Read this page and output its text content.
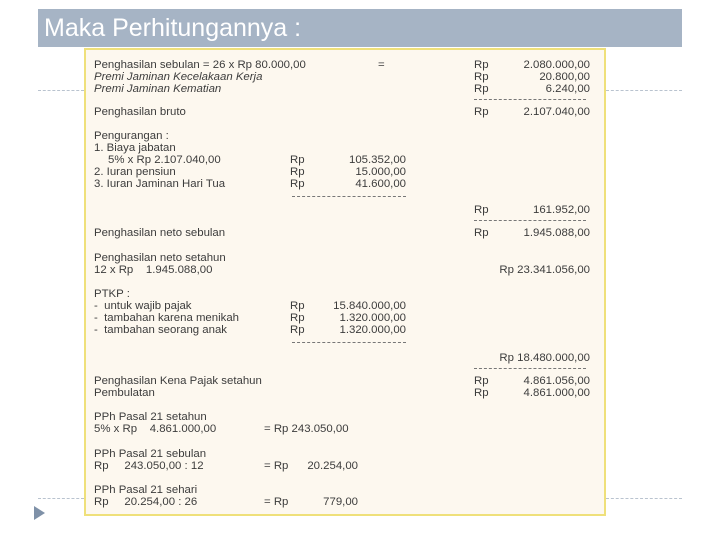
Maka Perhitungannya :
Penghasilan sebulan = 26 x Rp 80.000,00	=	Rp	2.080.000,00
Premi Jaminan Kecelakaan Kerja	Rp	20.800,00
Premi Jaminan Kematian	Rp	6.240,00
Penghasilan bruto	Rp	2.107.040,00
Pengurangan :
1. Biaya jabatan
5% x Rp 2.107.040,00	Rp	105.352,00
2. Iuran pensiun	Rp	15.000,00
3. Iuran Jaminan Hari Tua	Rp	41.600,00
Rp	161.952,00
Penghasilan neto sebulan	Rp	1.945.088,00
Penghasilan neto setahun
12 x Rp    1.945.088,00	Rp 23.341.056,00
PTKP :
-  untuk wajib pajak	Rp	15.840.000,00
-  tambahan karena menikah	Rp	1.320.000,00
-  tambahan seorang anak	Rp	1.320.000,00
Rp 18.480.000,00
Penghasilan Kena Pajak setahun	Rp	4.861.056,00
Pembulatan	Rp	4.861.000,00
PPh Pasal 21 setahun
5% x Rp    4.861.000,00	= Rp 243.050,00
PPh Pasal 21 sebulan
Rp     243.050,00 : 12	= Rp	20.254,00
PPh Pasal 21 sehari
Rp     20.254,00 : 26	= Rp	779,00
